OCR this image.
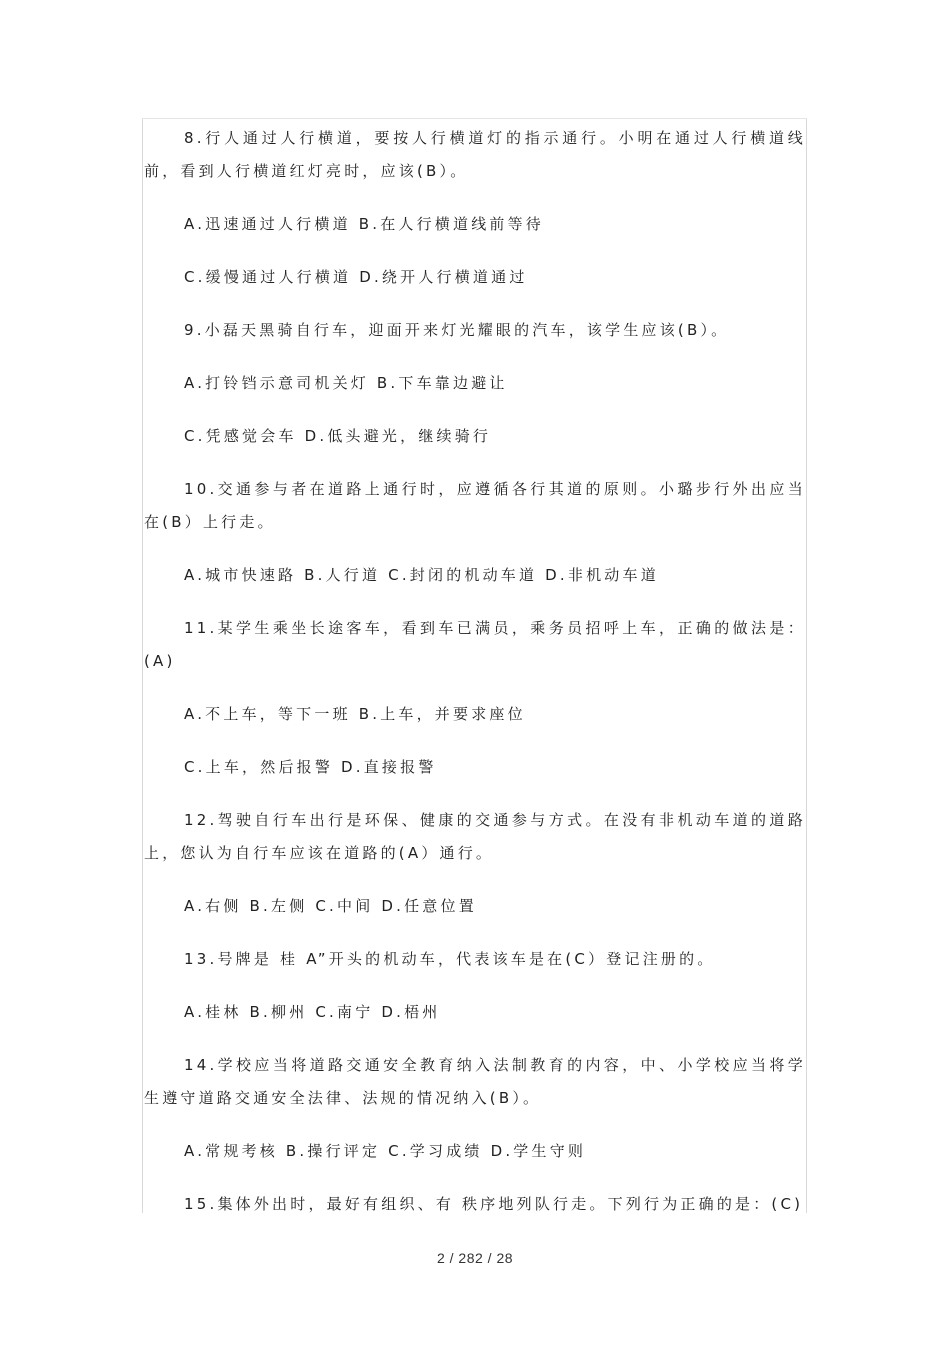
8.行人通过人行横道，要按人行横道灯的指示通行。小明在通过人行横道线前，看到人行横道红灯亮时，应该(B）。

A.迅速通过人行横道 B.在人行横道线前等待

C.缓慢通过人行横道 D.绕开人行横道通过

9.小磊天黑骑自行车，迎面开来灯光耀眼的汽车，该学生应该(B）。

A.打铃铛示意司机关灯 B.下车靠边避让

C.凭感觉会车 D.低头避光，继续骑行

10.交通参与者在道路上通行时，应遵循各行其道的原则。小璐步行外出应当在(B）上行走。

A.城市快速路 B.人行道 C.封闭的机动车道 D.非机动车道

11.某学生乘坐长途客车，看到车已满员，乘务员招呼上车，正确的做法是：(A)

A.不上车，等下一班 B.上车，并要求座位

C.上车，然后报警 D.直接报警

12.驾驶自行车出行是环保、健康的交通参与方式。在没有非机动车道的道路上，您认为自行车应该在道路的(A）通行。

A.右侧 B.左侧 C.中间 D.任意位置

13.号牌是 桂 A”开头的机动车，代表该车是在(C）登记注册的。

A.桂林 B.柳州 C.南宁 D.梧州

14.学校应当将道路交通安全教育纳入法制教育的内容，中、小学校应当将学生遵守道路交通安全法律、法规的情况纳入(B）。

A.常规考核 B.操行评定 C.学习成绩 D.学生守则

15.集体外出时，最好有组织、有 秩序地列队行走。下列行为正确的是：(C)

2 / 282 / 28
